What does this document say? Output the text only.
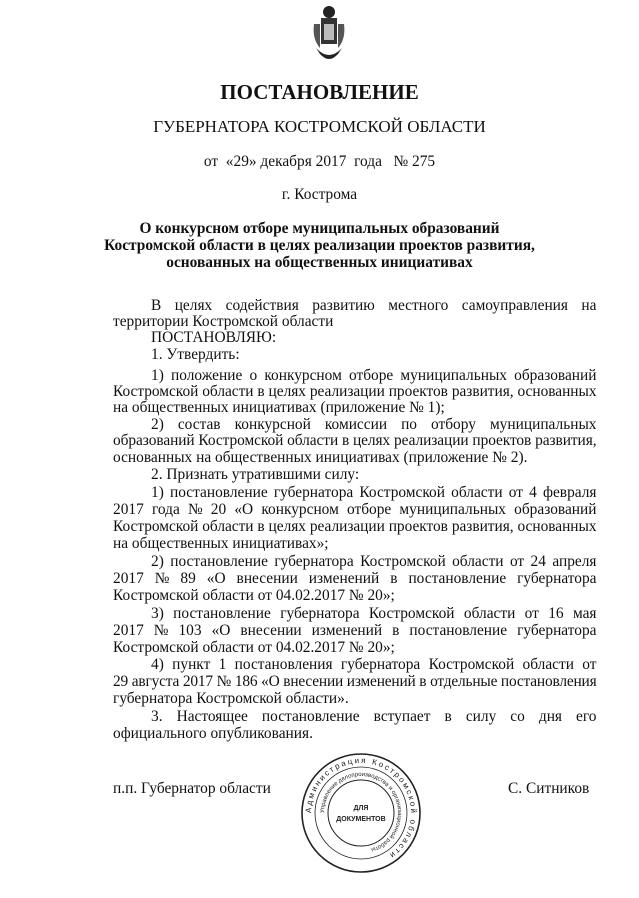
ПОСТАНОВЛЕНИЕ
ГУБЕРНАТОРА КОСТРОМСКОЙ ОБЛАСТИ
от  «29» декабря 2017  года   № 275
г. Кострома
О конкурсном отборе муниципальных образований
Костромской области в целях реализации проектов развития,
основанных на общественных инициативах
В целях содействия развитию местного самоуправления на
территории Костромской области
ПОСТАНОВЛЯЮ:
1. Утвердить:
1) положение о конкурсном отборе муниципальных образований
Костромской области в целях реализации проектов развития, основанных
на общественных инициативах (приложение № 1);
2) состав конкурсной комиссии по отбору муниципальных
образований Костромской области в целях реализации проектов развития,
основанных на общественных инициативах (приложение № 2).
2. Признать утратившими силу:
1) постановление губернатора Костромской области от 4 февраля
2017 года № 20 «О конкурсном отборе муниципальных образований
Костромской области в целях реализации проектов развития, основанных
на общественных инициативах»;
2) постановление губернатора Костромской области от 24 апреля
2017 № 89 «О внесении изменений в постановление губернатора
Костромской области от 04.02.2017 № 20»;
3) постановление губернатора Костромской области от 16 мая
2017 № 103 «О внесении изменений в постановление губернатора
Костромской области от 04.02.2017 № 20»;
4) пункт 1 постановления губернатора Костромской области от
29 августа 2017 № 186 «О внесении изменений в отдельные постановления
губернатора Костромской области».
3. Настоящее постановление вступает в силу со дня его
официального опубликования.
п.п. Губернатор области	С. Ситников
Администрация Костромской области
Управление делопроизводства и организационной работы
ДЛЯ
ДОКУМЕНТОВ
